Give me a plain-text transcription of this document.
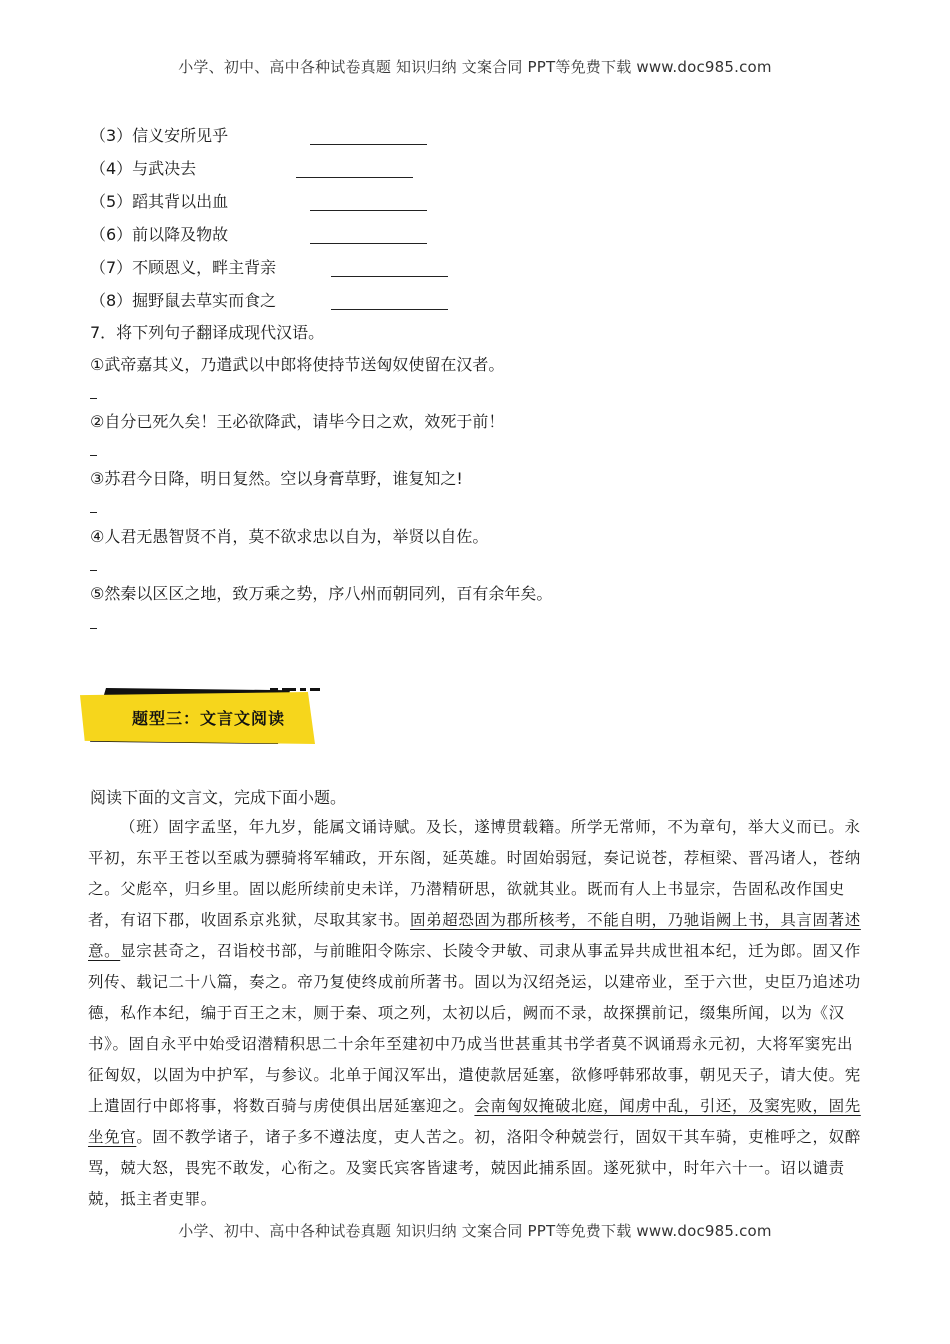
小学、初中、高中各种试卷真题 知识归纳 文案合同 PPT等免费下载 www.doc985.com
（3）信义安所见乎
（4）与武决去
（5）蹈其背以出血
（6）前以降及物故
（7）不顾恩义，畔主背亲
（8）掘野鼠去草实而食之
7．将下列句子翻译成现代汉语。
①武帝嘉其义，乃遣武以中郎将使持节送匈奴使留在汉者。
②自分已死久矣！王必欲降武，请毕今日之欢，效死于前！
③苏君今日降，明日复然。空以身膏草野，谁复知之!
④人君无愚智贤不肖，莫不欲求忠以自为，举贤以自佐。
⑤然秦以区区之地，致万乘之势，序八州而朝同列，百有余年矣。
题型三：文言文阅读
阅读下面的文言文，完成下面小题。
（班）固字孟坚，年九岁，能属文诵诗赋。及长，遂博贯载籍。所学无常师，不为章句，举大义而已。永平初，东平王苍以至戚为骠骑将军辅政，开东阁，延英雄。时固始弱冠，奏记说苍，荐桓梁、晋冯诸人，苍纳之。父彪卒，归乡里。固以彪所续前史未详，乃潜精研思，欲就其业。既而有人上书显宗，告固私改作国史者，有诏下郡，收固系京兆狱，尽取其家书。固弟超恐固为郡所核考，不能自明，乃驰诣阙上书，具言固著述意。显宗甚奇之，召诣校书部，与前睢阳令陈宗、长陵令尹敏、司隶从事孟异共成世祖本纪，迁为郎。固又作列传、载记二十八篇，奏之。帝乃复使终成前所著书。固以为汉绍尧运，以建帝业，至于六世，史臣乃追述功德，私作本纪，编于百王之末，厕于秦、项之列，太初以后，阙而不录，故探撰前记，缀集所闻，以为《汉书》。固自永平中始受诏潜精积思二十余年至建初中乃成当世甚重其书学者莫不讽诵焉永元初，大将军窦宪出征匈奴，以固为中护军，与参议。北单于闻汉军出，遣使款居延塞，欲修呼韩邪故事，朝见天子，请大使。宪上遣固行中郎将事，将数百骑与虏使俱出居延塞迎之。会南匈奴掩破北庭，闻虏中乱，引还，及窦宪败，固先坐免官。固不教学诸子，诸子多不遵法度，吏人苦之。初，洛阳令种兢尝行，固奴干其车骑，吏椎呼之，奴醉骂，兢大怒，畏宪不敢发，心衔之。及窦氏宾客皆逮考，兢因此捕系固。遂死狱中，时年六十一。诏以谴责兢，抵主者吏罪。
小学、初中、高中各种试卷真题 知识归纳 文案合同 PPT等免费下载 www.doc985.com
